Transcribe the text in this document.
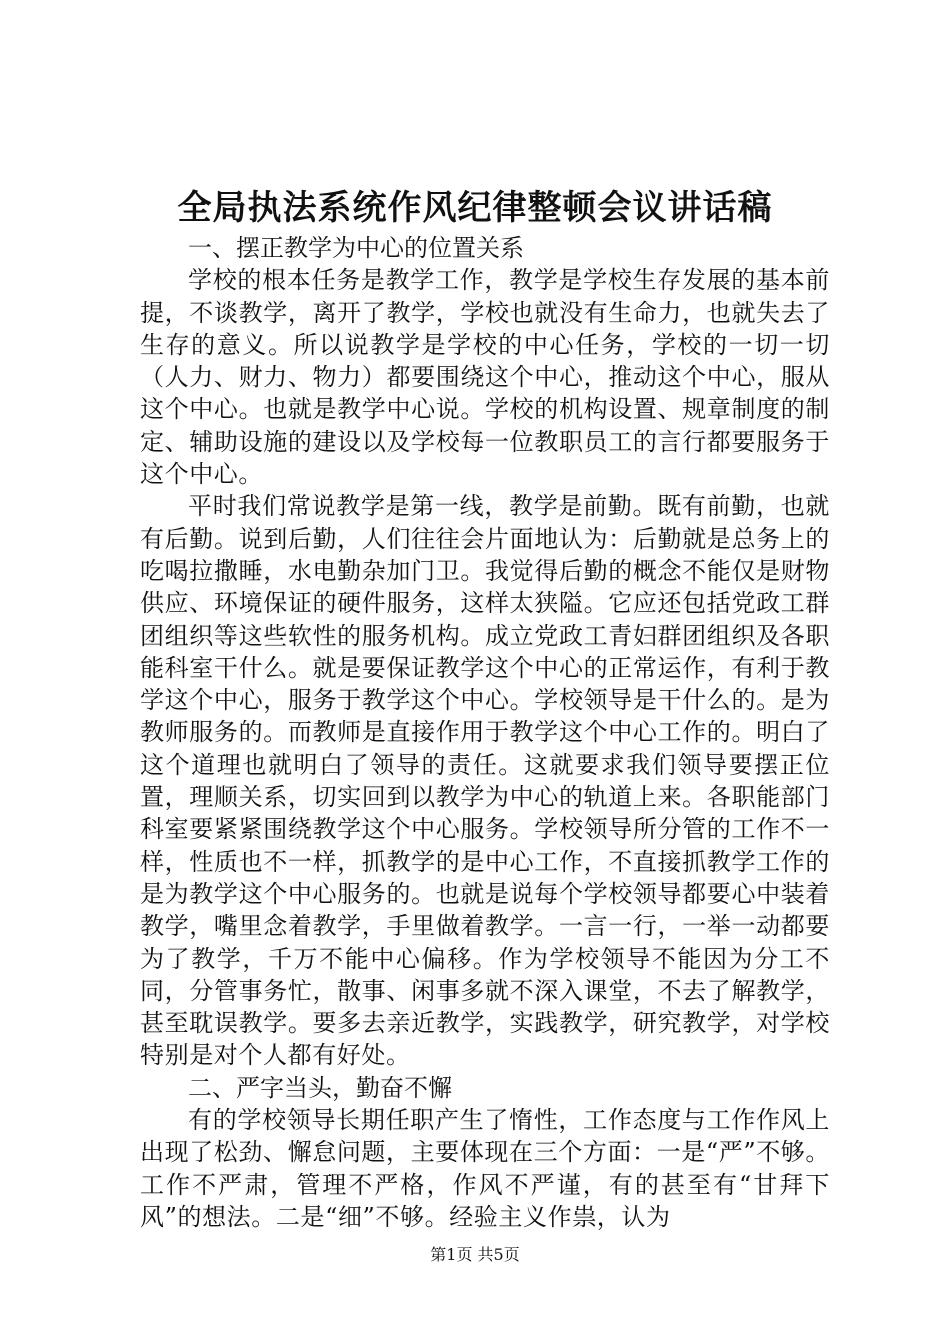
全局执法系统作风纪律整顿会议讲话稿

一、摆正教学为中心的位置关系

学校的根本任务是教学工作，教学是学校生存发展的基本前提，不谈教学，离开了教学，学校也就没有生命力，也就失去了生存的意义。所以说教学是学校的中心任务，学校的一切一切（人力、财力、物力）都要围绕这个中心，推动这个中心，服从这个中心。也就是教学中心说。学校的机构设置、规章制度的制定、辅助设施的建设以及学校每一位教职员工的言行都要服务于这个中心。

平时我们常说教学是第一线，教学是前勤。既有前勤，也就有后勤。说到后勤，人们往往会片面地认为：后勤就是总务上的吃喝拉撒睡，水电勤杂加门卫。我觉得后勤的概念不能仅是财物供应、环境保证的硬件服务，这样太狭隘。它应还包括党政工群团组织等这些软性的服务机构。成立党政工青妇群团组织及各职能科室干什么。就是要保证教学这个中心的正常运作，有利于教学这个中心，服务于教学这个中心。学校领导是干什么的。是为教师服务的。而教师是直接作用于教学这个中心工作的。明白了这个道理也就明白了领导的责任。这就要求我们领导要摆正位置，理顺关系，切实回到以教学为中心的轨道上来。各职能部门科室要紧紧围绕教学这个中心服务。学校领导所分管的工作不一样，性质也不一样，抓教学的是中心工作，不直接抓教学工作的是为教学这个中心服务的。也就是说每个学校领导都要心中装着教学，嘴里念着教学，手里做着教学。一言一行，一举一动都要为了教学，千万不能中心偏移。作为学校领导不能因为分工不同，分管事务忙，散事、闲事多就不深入课堂，不去了解教学，甚至耽误教学。要多去亲近教学，实践教学，研究教学，对学校特别是对个人都有好处。

二、严字当头，勤奋不懈

有的学校领导长期任职产生了惰性，工作态度与工作作风上出现了松劲、懈怠问题，主要体现在三个方面：一是“严”不够。工作不严肃，管理不严格，作风不严谨，有的甚至有“甘拜下风”的想法。二是“细”不够。经验主义作祟，认为

第1页 共5页
